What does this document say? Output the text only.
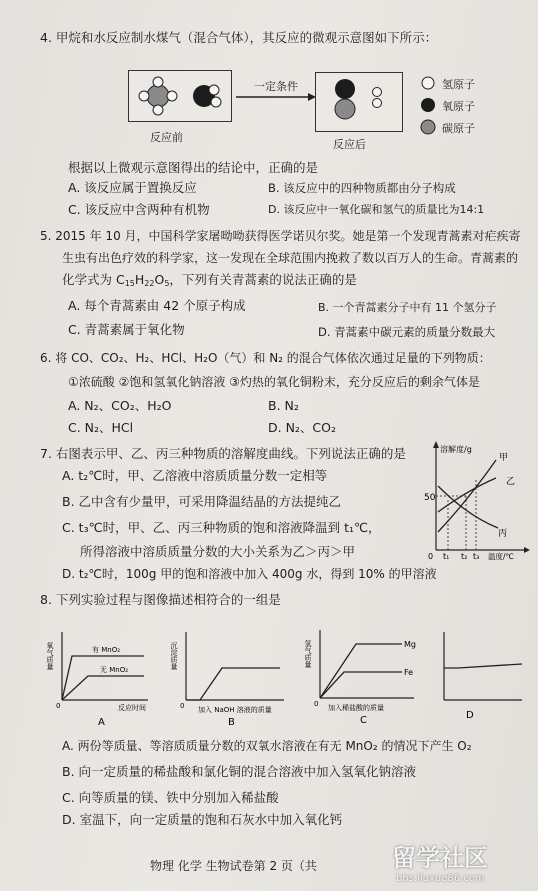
4. 甲烷和水反应制水煤气（混合气体），其反应的微观示意图如下所示：
反应前
一定条件
反应后
氢原子
氧原子
碳原子
根据以上微观示意图得出的结论中，正确的是
A. 该反应属于置换反应	B. 该反应中的四种物质都由分子构成
C. 该反应中含两种有机物	D. 该反应中一氧化碳和氢气的质量比为14:1
5. 2015 年 10 月，中国科学家屠呦呦获得医学诺贝尔奖。她是第一个发现青蒿素对疟疾寄
生虫有出色疗效的科学家，这一发现在全球范围内挽救了数以百万人的生命。青蒿素的
化学式为 $C_{15}H_{22}O_5$，下列有关青蒿素的说法正确的是
A. 每个青蒿素由 42 个原子构成	B. 一个青蒿素分子中有 11 个氢分子
C. 青蒿素属于氧化物	D. 青蒿素中碳元素的质量分数最大
6. 将 CO、CO₂、H₂、HCl、H₂O（气）和 N₂ 的混合气体依次通过足量的下列物质：
①浓硫酸 ②饱和氢氧化钠溶液 ③灼热的氧化铜粉末，充分反应后的剩余气体是
A. N₂、CO₂、H₂O	B. N₂
C. N₂、HCl	D. N₂、CO₂
7. 右图表示甲、乙、丙三种物质的溶解度曲线。下列说法正确的是
A. t₂℃时，甲、乙溶液中溶质质量分数一定相等
B. 乙中含有少量甲，可采用降温结晶的方法提纯乙
C. t₃℃时，甲、乙、丙三种物质的饱和溶液降温到 t₁℃，
所得溶液中溶质质量分数的大小关系为乙＞丙＞甲
D. t₂℃时，100g 甲的饱和溶液中加入 400g 水，得到 10% 的甲溶液
溶解度/g
50
0 t₁ t₂ t₃ 温度/℃
甲
乙
丙
8. 下列实验过程与图像描述相符合的一组是
氧气质量	有 MnO₂
无 MnO₂
0	反应时间
A
沉淀质量
0 加入 NaOH 溶液的质量
B
氢气质量	Mg
Fe
0 加入稀盐酸的质量
C	D
A. 两份等质量、等溶质质量分数的双氧水溶液在有无 MnO₂ 的情况下产生 O₂
B. 向一定质量的稀盐酸和氯化铜的混合溶液中加入氢氧化钠溶液
C. 向等质量的镁、铁中分别加入稀盐酸
D. 室温下，向一定质量的饱和石灰水中加入氧化钙
物理 化学 生物试卷第 2 页（共	留学社区
bbs.liuxue86.com
